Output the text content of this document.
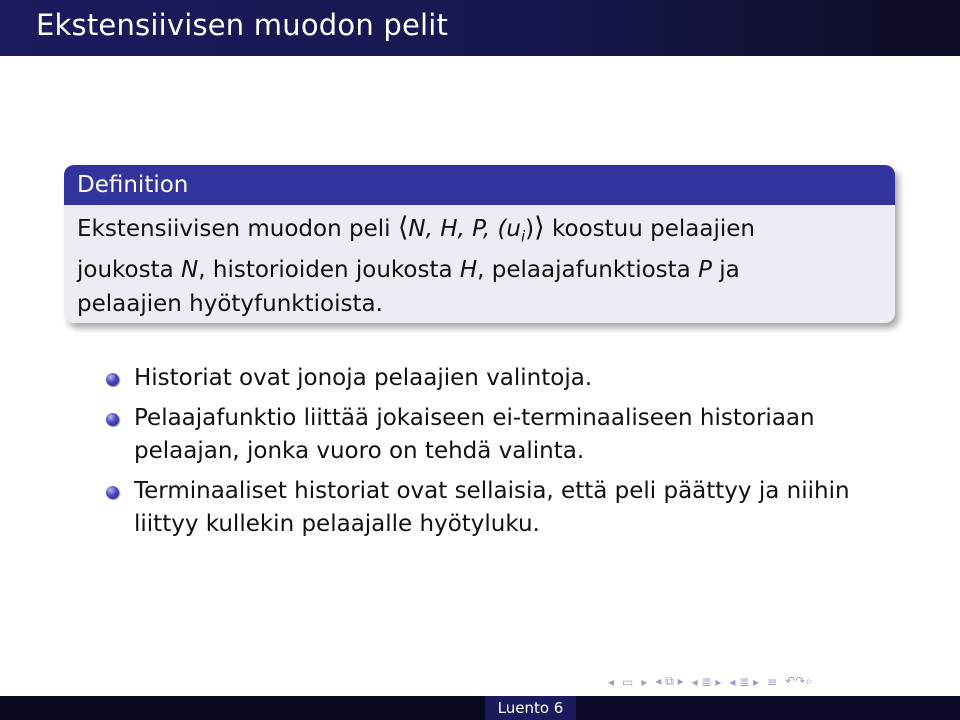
Ekstensiivisen muodon pelit
Definition
Ekstensiivisen muodon peli ⟨N, H, P, $(u_i)⟩$ koostuu pelaajien
joukosta N, historioiden joukosta H, pelaajafunktiosta P ja
pelaajien hyötyfunktioista.
Historiat ovat jonoja pelaajien valintoja.
Pelaajafunktio liittää jokaiseen ei-terminaaliseen historiaan pelaajan, jonka vuoro on tehdä valinta.
Terminaaliset historiat ovat sellaisia, että peli päättyy ja niihin liittyy kullekin pelaajalle hyötyluku.
◂ ▭ ▸ ◂ ⧉ ▸ ◂ ≣ ▸ ◂ ≣ ▸ ≡ ↶↷⌕
Luento 6
